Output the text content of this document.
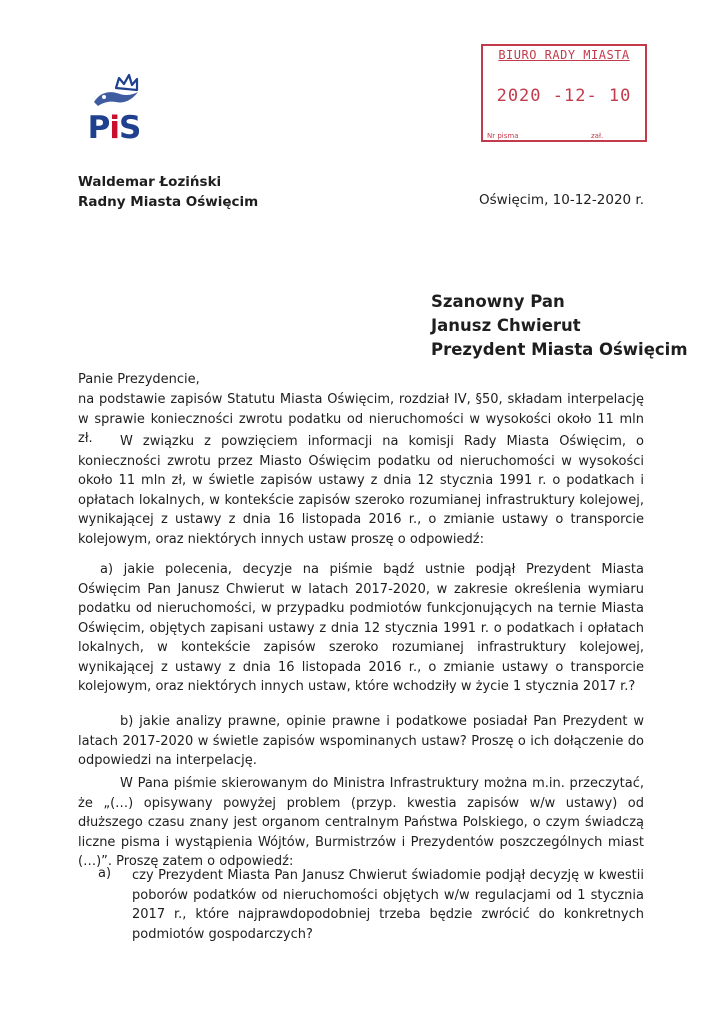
PiS
BIURO RADY MIASTA
2020 -12- 10
Nr pisma	zał.
Waldemar Łoziński
Radny Miasta Oświęcim	Oświęcim, 10-12-2020 r.
Szanowny Pan
Janusz Chwierut
Prezydent Miasta Oświęcim

Panie Prezydencie,

na podstawie zapisów Statutu Miasta Oświęcim, rozdział IV, §50, składam interpelację w sprawie konieczności zwrotu podatku od nieruchomości w wysokości około 11 mln zł.	W związku z powzięciem informacji na komisji Rady Miasta Oświęcim, o konieczności zwrotu przez Miasto Oświęcim podatku od nieruchomości w wysokości około 11 mln zł, w świetle zapisów ustawy z dnia 12 stycznia 1991 r. o podatkach i opłatach lokalnych, w kontekście zapisów szeroko rozumianej infrastruktury kolejowej, wynikającej z ustawy z dnia 16 listopada 2016 r., o zmianie ustawy o transporcie kolejowym, oraz niektórych innych ustaw proszę o odpowiedź:

a) jakie polecenia, decyzje na piśmie bądź ustnie podjął Prezydent Miasta Oświęcim Pan Janusz Chwierut w latach 2017-2020, w zakresie określenia wymiaru podatku od nieruchomości, w przypadku podmiotów funkcjonujących na ternie Miasta Oświęcim, objętych zapisani ustawy z dnia 12 stycznia 1991 r. o podatkach i opłatach lokalnych, w kontekście zapisów szeroko rozumianej infrastruktury kolejowej, wynikającej z ustawy z dnia 16 listopada 2016 r., o zmianie ustawy o transporcie kolejowym, oraz niektórych innych ustaw, które wchodziły w życie 1 stycznia 2017 r.?

b) jakie analizy prawne, opinie prawne i podatkowe posiadał Pan Prezydent w latach 2017-2020 w świetle zapisów wspominanych ustaw? Proszę o ich dołączenie do odpowiedzi na interpelację.

W Pana piśmie skierowanym do Ministra Infrastruktury można m.in. przeczytać, że „(…) opisywany powyżej problem (przyp. kwestia zapisów w/w ustawy) od dłuższego czasu znany jest organom centralnym Państwa Polskiego, o czym świadczą liczne pisma i wystąpienia Wójtów, Burmistrzów i Prezydentów poszczególnych miast (…)”. Proszę zatem o odpowiedź:

a) czy Prezydent Miasta Pan Janusz Chwierut świadomie podjął decyzję w kwestii poborów podatków od nieruchomości objętych w/w regulacjami od 1 stycznia 2017 r., które najprawdopodobniej trzeba będzie zwrócić do konkretnych podmiotów gospodarczych?
